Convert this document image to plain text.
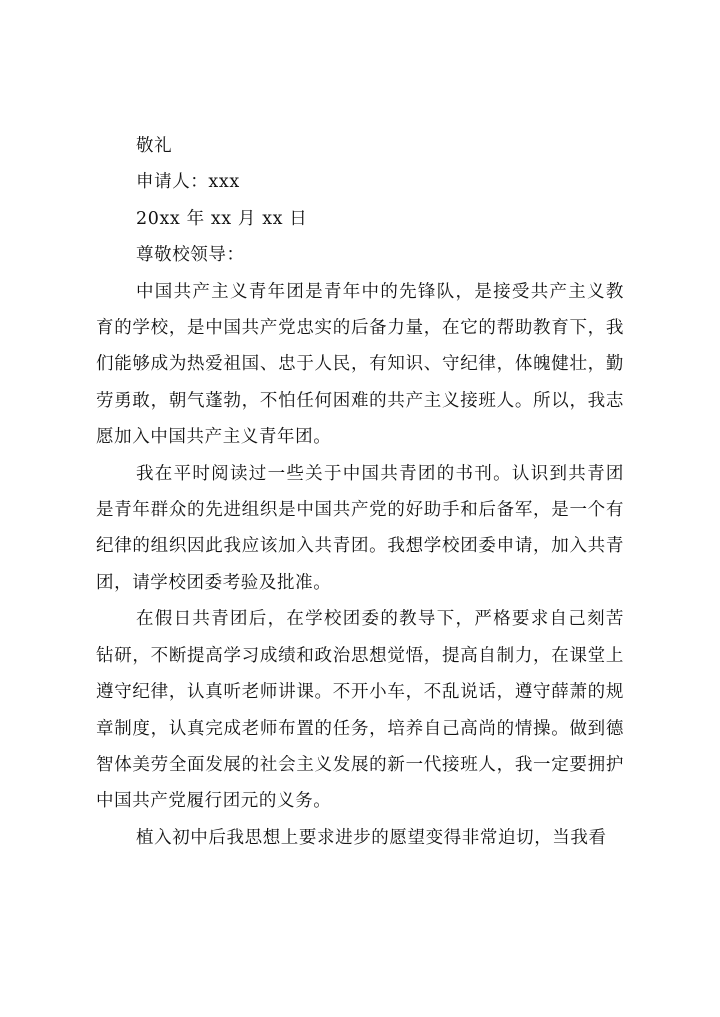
敬礼

申请人：xxx

20xx 年 xx 月 xx 日

尊敬校领导：

中国共产主义青年团是青年中的先锋队，是接受共产主义教育的学校，是中国共产党忠实的后备力量，在它的帮助教育下，我们能够成为热爱祖国、忠于人民，有知识、守纪律，体魄健壮，勤劳勇敢，朝气蓬勃，不怕任何困难的共产主义接班人。所以，我志愿加入中国共产主义青年团。

我在平时阅读过一些关于中国共青团的书刊。认识到共青团是青年群众的先进组织是中国共产党的好助手和后备军，是一个有纪律的组织因此我应该加入共青团。我想学校团委申请，加入共青团，请学校团委考验及批准。

在假日共青团后，在学校团委的教导下，严格要求自己刻苦钻研，不断提高学习成绩和政治思想觉悟，提高自制力，在课堂上遵守纪律，认真听老师讲课。不开小车，不乱说话，遵守薛萧的规章制度，认真完成老师布置的任务，培养自己高尚的情操。做到德智体美劳全面发展的社会主义发展的新一代接班人，我一定要拥护中国共产党履行团元的义务。

植入初中后我思想上要求进步的愿望变得非常迫切，当我看
